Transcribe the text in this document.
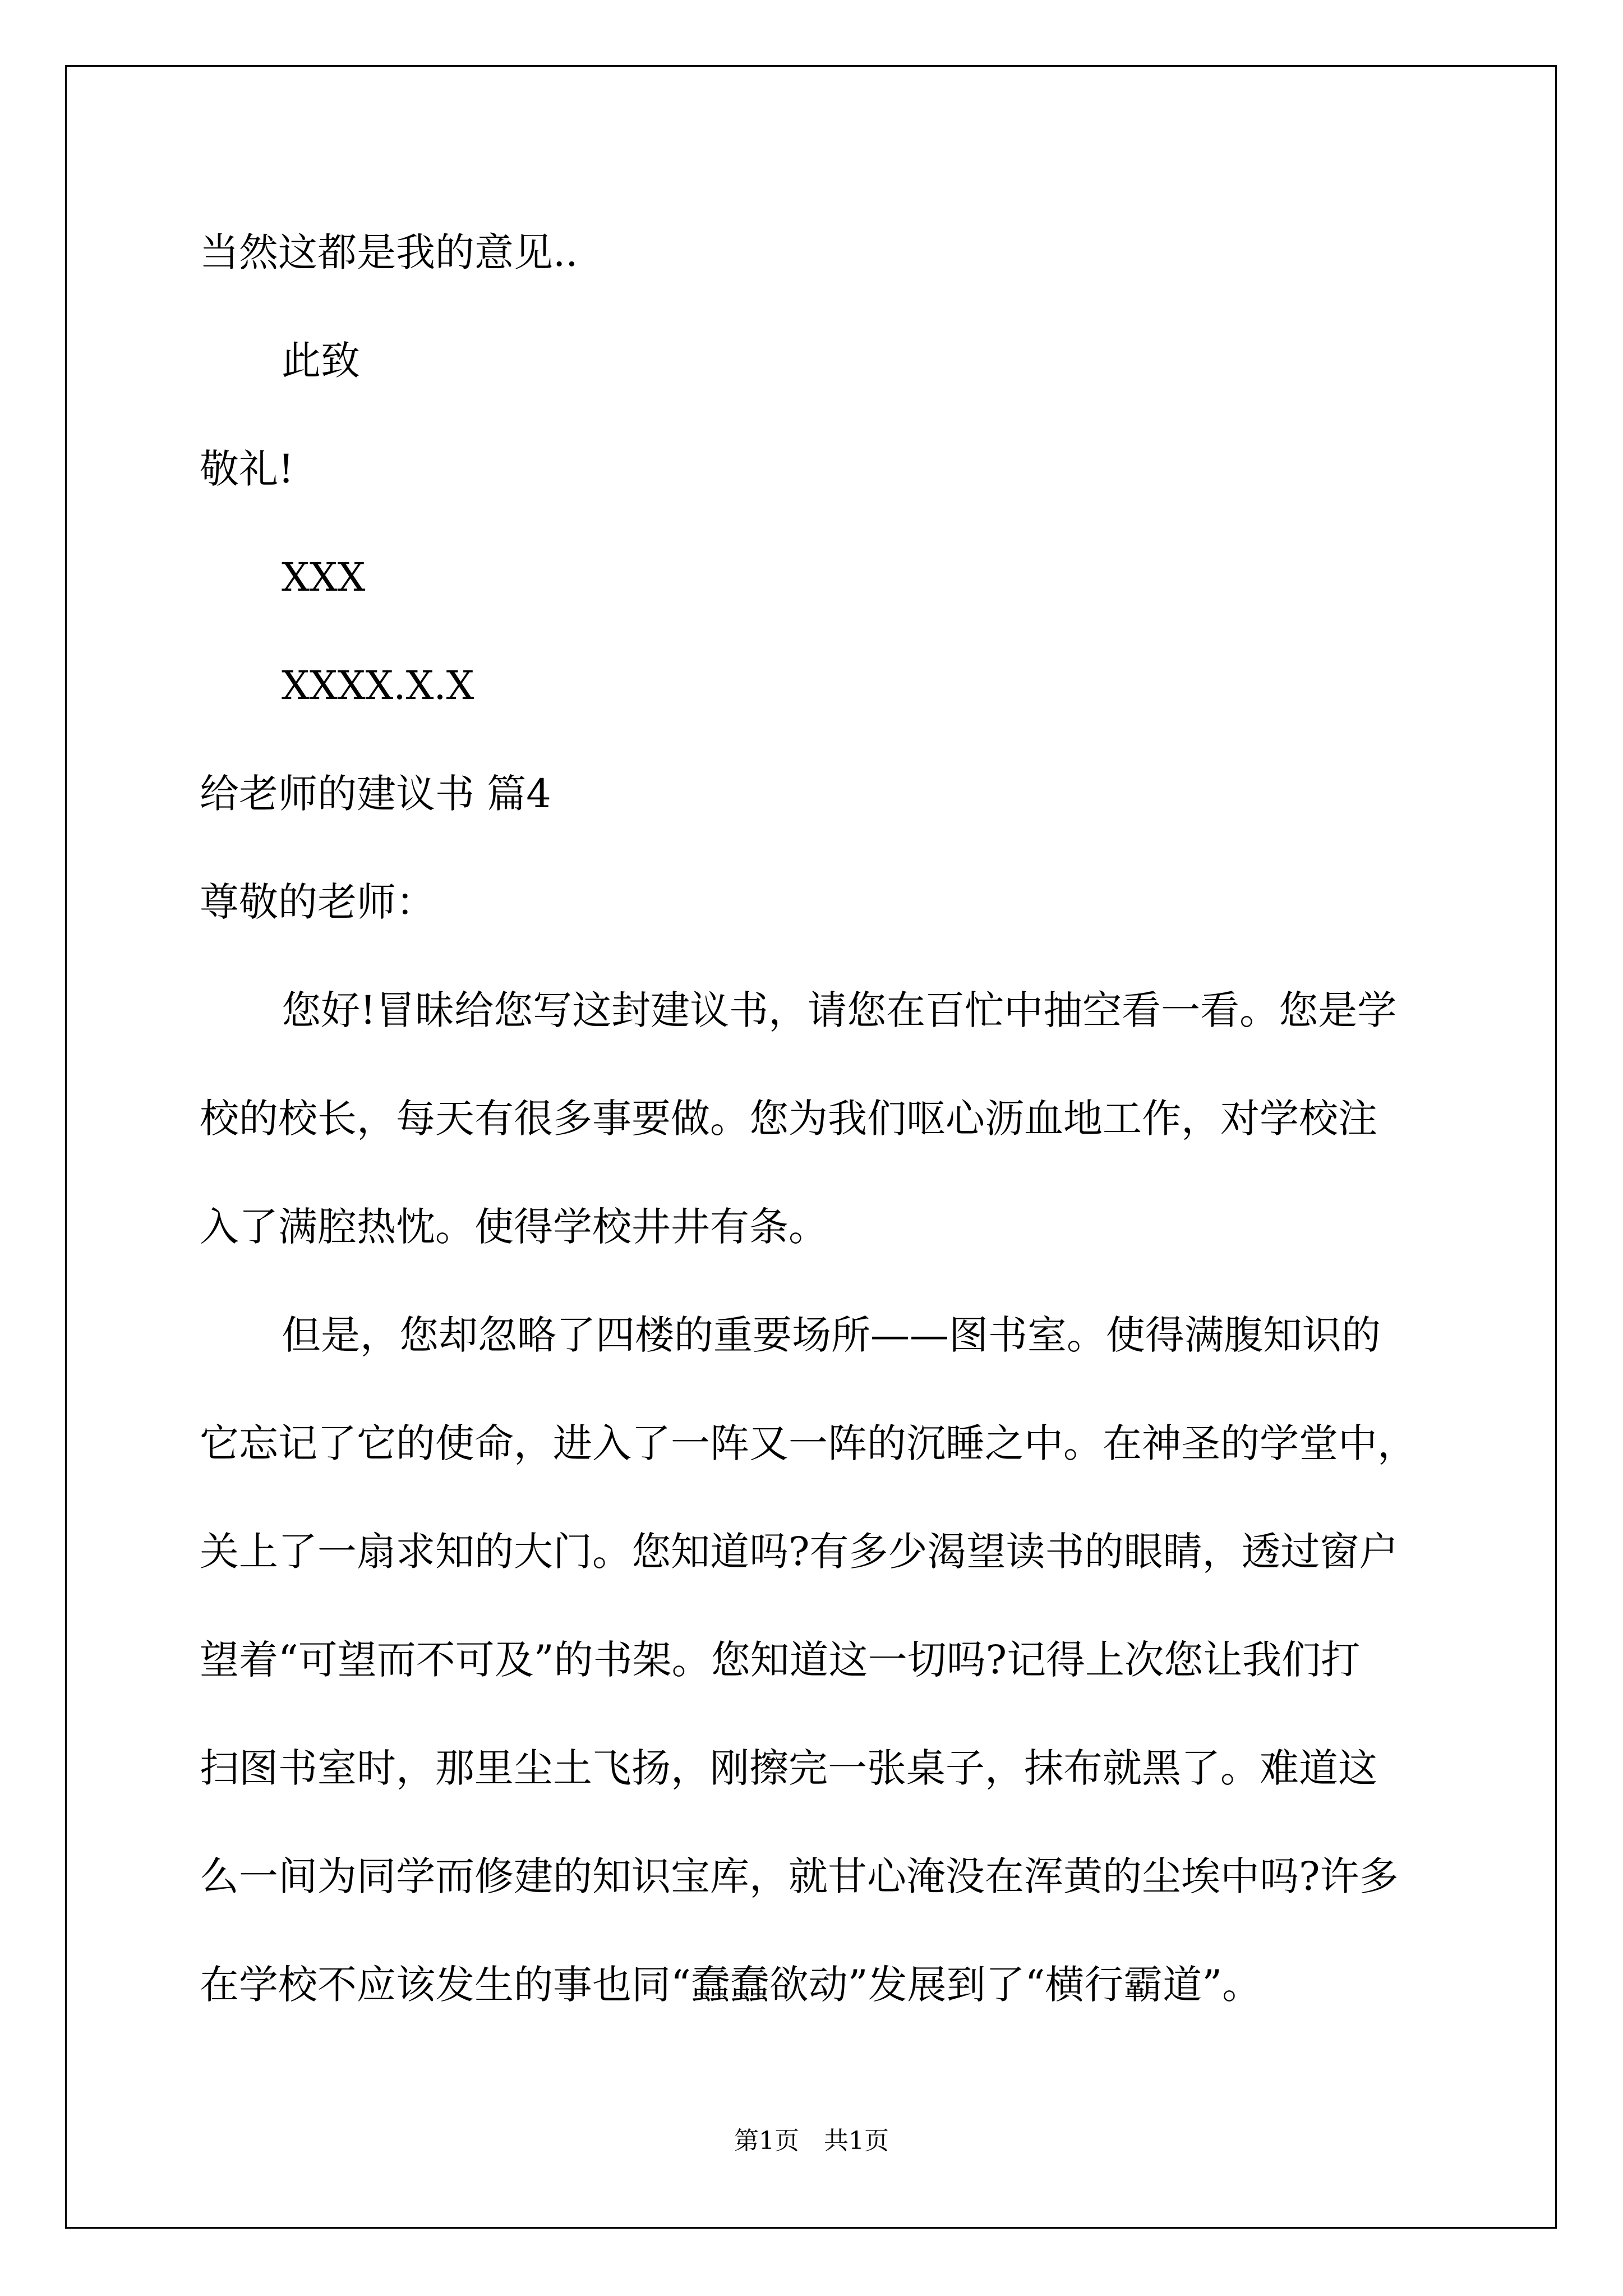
当然这都是我的意见..
此致
敬礼!
XXX
XXXX.X.X
给老师的建议书 篇4
尊敬的老师：
您好!冒昧给您写这封建议书，请您在百忙中抽空看一看。您是学
校的校长，每天有很多事要做。您为我们呕心沥血地工作，对学校注
入了满腔热忱。使得学校井井有条。
但是，您却忽略了四楼的重要场所——图书室。使得满腹知识的
它忘记了它的使命，进入了一阵又一阵的沉睡之中。在神圣的学堂中，
关上了一扇求知的大门。您知道吗?有多少渴望读书的眼睛，透过窗户
望着“可望而不可及”的书架。您知道这一切吗?记得上次您让我们打
扫图书室时，那里尘土飞扬，刚擦完一张桌子，抹布就黑了。难道这
么一间为同学而修建的知识宝库，就甘心淹没在浑黄的尘埃中吗?许多
在学校不应该发生的事也同“蠢蠢欲动”发展到了“横行霸道”。
第1页　共1页
